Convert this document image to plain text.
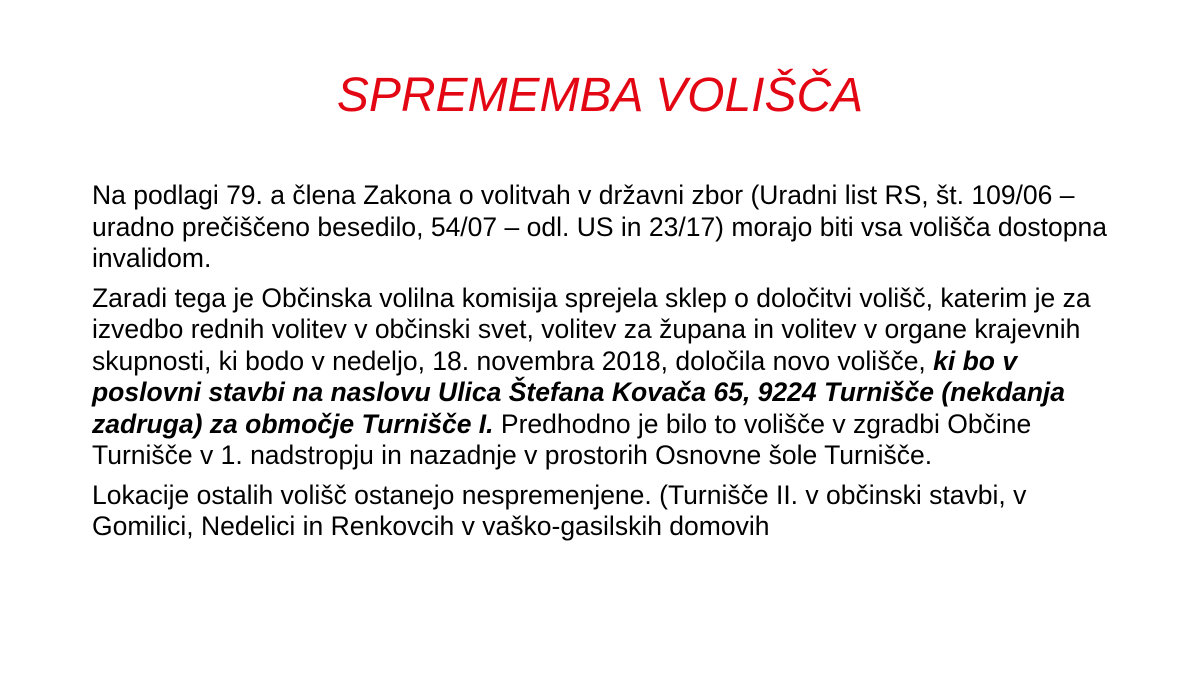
SPREMEMBA VOLIŠČA

Na podlagi 79. a člena Zakona o volitvah v državni zbor (Uradni list RS, št. 109/06 – uradno prečiščeno besedilo, 54/07 – odl. US in 23/17) morajo biti vsa volišča dostopna invalidom.

Zaradi tega je Občinska volilna komisija sprejela sklep o določitvi volišč, katerim je za izvedbo rednih volitev v občinski svet, volitev za župana in volitev v organe krajevnih skupnosti, ki bodo v nedeljo, 18. novembra 2018, določila novo volišče, ki bo v poslovni stavbi na naslovu Ulica Štefana Kovača 65, 9224 Turnišče (nekdanja zadruga) za območje Turnišče I. Predhodno je bilo to volišče v zgradbi Občine Turnišče v 1. nadstropju in nazadnje v prostorih Osnovne šole Turnišče.

Lokacije ostalih volišč ostanejo nespremenjene. (Turnišče II. v občinski stavbi, v Gomilici, Nedelici in Renkovcih v vaško-gasilskih domovih
